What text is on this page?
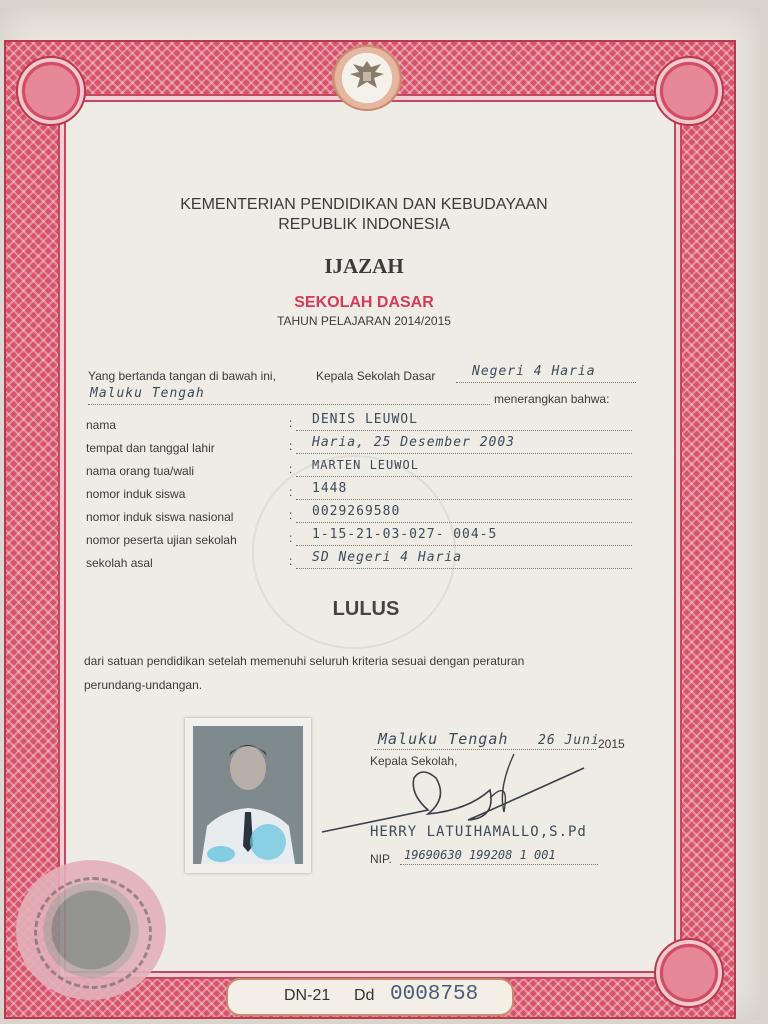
KEMENTERIAN PENDIDIKAN DAN KEBUDAYAAN
REPUBLIK INDONESIA
IJAZAH
SEKOLAH DASAR
TAHUN PELAJARAN 2014/2015
Yang bertanda tangan di bawah ini,	Kepala Sekolah Dasar	Negeri 4 Haria
Maluku Tengah	menerangkan bahwa:
nama	: DENIS LEUWOL
tempat dan tanggal lahir	: Haria, 25 Desember 2003
nama orang tua/wali	: MARTEN LEUWOL
nomor induk siswa	: 1448
nomor induk siswa nasional	: 0029269580
nomor peserta ujian sekolah	: 1-15-21-03-027- 004-5
sekolah asal	: SD Negeri 4 Haria
LULUS
dari satuan pendidikan setelah memenuhi seluruh kriteria sesuai dengan peraturan
perundang-undangan.
Maluku Tengah 26 Juni
2015
Kepala Sekolah,
HERRY LATUIHAMALLO,S.Pd
NIP. 19690630 199208 1 001
DN-21 Dd 0008758
